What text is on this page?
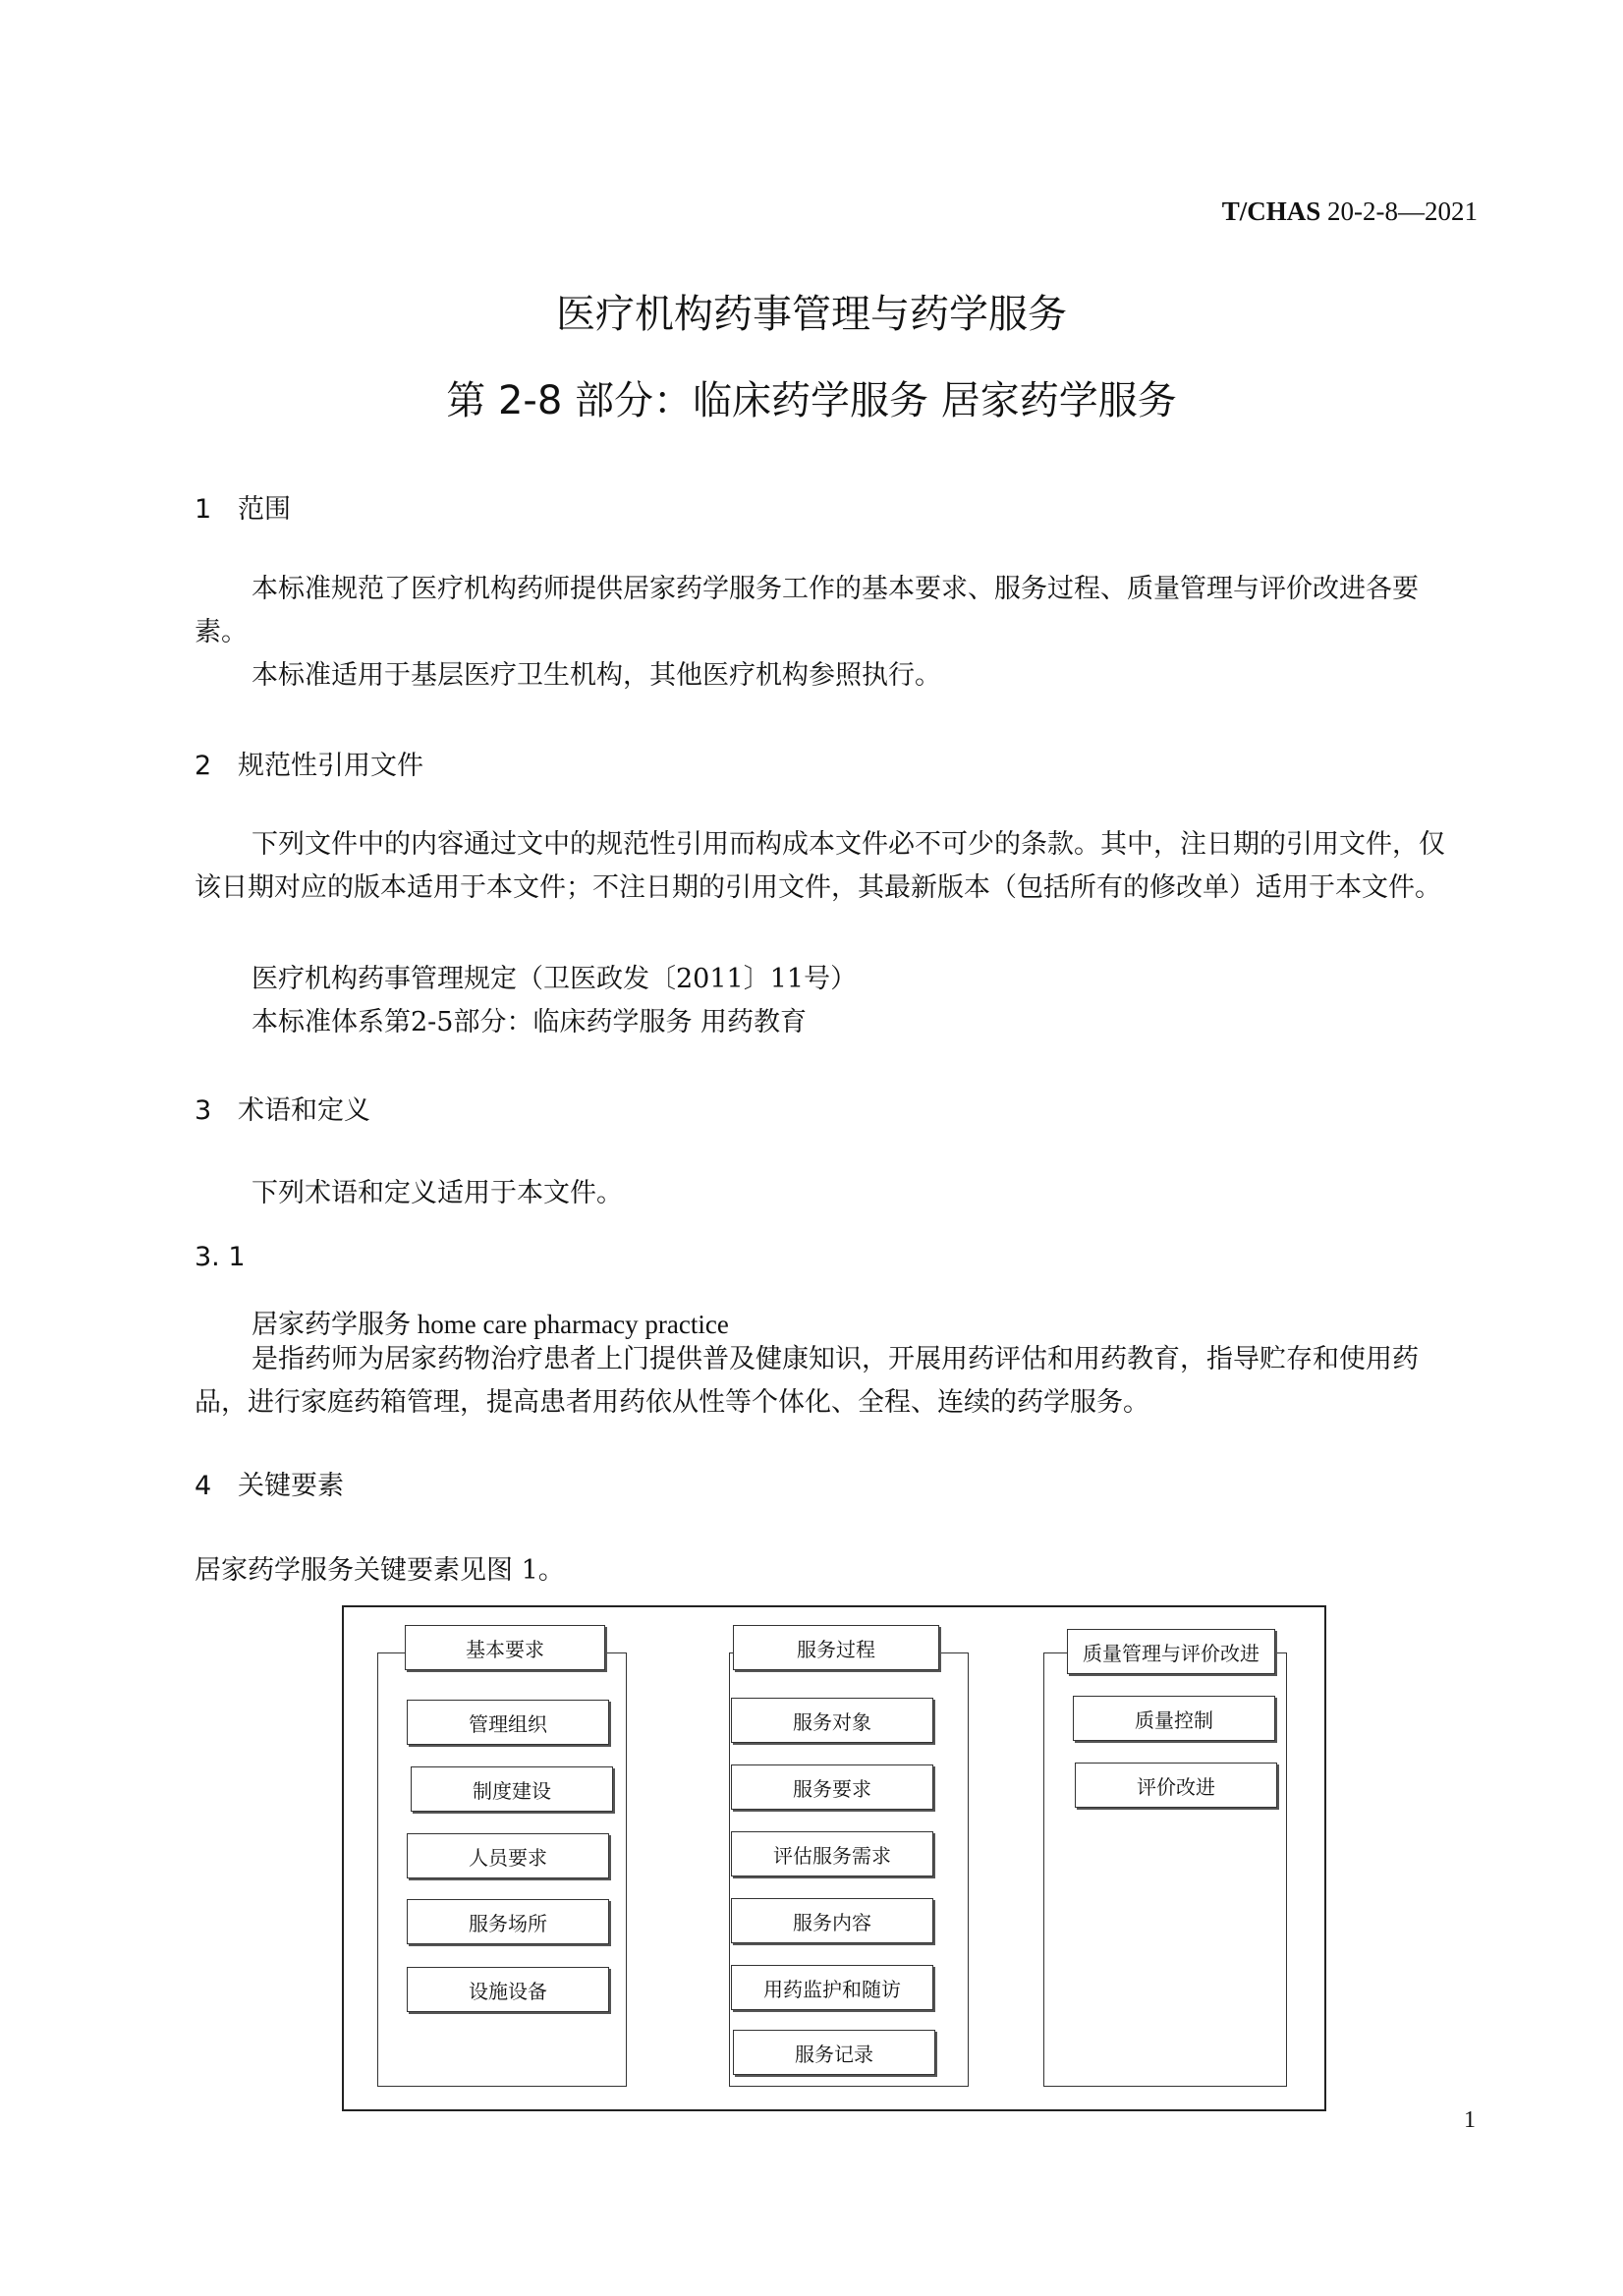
T/CHAS 20-2-8—2021
医疗机构药事管理与药学服务
第 2-8 部分：临床药学服务 居家药学服务
1 范围
本标准规范了医疗机构药师提供居家药学服务工作的基本要求、服务过程、质量管理与评价改进各要素。
本标准适用于基层医疗卫生机构，其他医疗机构参照执行。
2 规范性引用文件
下列文件中的内容通过文中的规范性引用而构成本文件必不可少的条款。其中，注日期的引用文件，仅该日期对应的版本适用于本文件；不注日期的引用文件，其最新版本（包括所有的修改单）适用于本文件。
医疗机构药事管理规定（卫医政发〔2011〕11号）
本标准体系第2-5部分：临床药学服务 用药教育
3 术语和定义
下列术语和定义适用于本文件。
3. 1
居家药学服务 home care pharmacy practice
是指药师为居家药物治疗患者上门提供普及健康知识，开展用药评估和用药教育，指导贮存和使用药品，进行家庭药箱管理，提高患者用药依从性等个体化、全程、连续的药学服务。
4 关键要素
居家药学服务关键要素见图 1。
基本要求
管理组织
制度建设
人员要求
服务场所
设施设备
服务过程
服务对象
服务要求
评估服务需求
服务内容
用药监护和随访
服务记录
质量管理与评价改进
质量控制
评价改进
1
